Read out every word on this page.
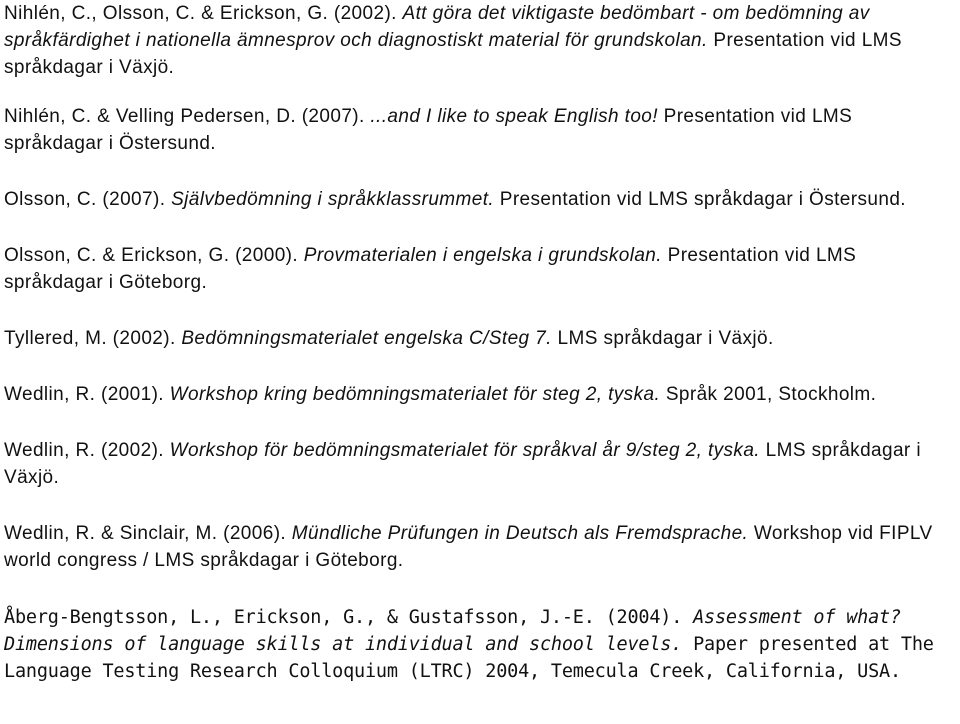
Nihlén, C., Olsson, C. & Erickson, G. (2002). Att göra det viktigaste bedömbart - om bedömning av språkfärdighet i nationella ämnesprov och diagnostiskt material för grundskolan. Presentation vid LMS språkdagar i Växjö.

Nihlén, C. & Velling Pedersen, D. (2007). ...and I like to speak English too! Presentation vid LMS språkdagar i Östersund.

Olsson, C. (2007). Självbedömning i språkklassrummet. Presentation vid LMS språkdagar i Östersund.

Olsson, C. & Erickson, G. (2000). Provmaterialen i engelska i grundskolan. Presentation vid LMS språkdagar i Göteborg.

Tyllered, M. (2002). Bedömningsmaterialet engelska C/Steg 7. LMS språkdagar i Växjö.

Wedlin, R. (2001). Workshop kring bedömningsmaterialet för steg 2, tyska. Språk 2001, Stockholm.

Wedlin, R. (2002). Workshop för bedömningsmaterialet för språkval år 9/steg 2, tyska. LMS språkdagar i Växjö.

Wedlin, R. & Sinclair, M. (2006). Mündliche Prüfungen in Deutsch als Fremdsprache. Workshop vid FIPLV world congress / LMS språkdagar i Göteborg.

Åberg-Bengtsson, L., Erickson, G., & Gustafsson, J.-E. (2004). Assessment of what? Dimensions of language skills at individual and school levels. Paper presented at The Language Testing Research Colloquium (LTRC) 2004, Temecula Creek, California, USA.
